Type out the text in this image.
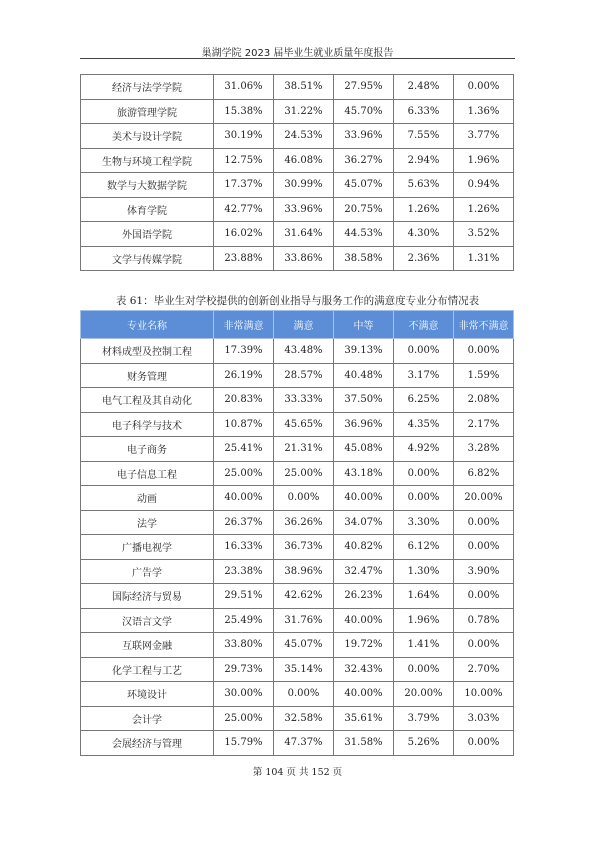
巢湖学院 2023 届毕业生就业质量年度报告
经济与法学学院	31.06%	38.51%	27.95%	2.48%	0.00%
旅游管理学院	15.38%	31.22%	45.70%	6.33%	1.36%
美术与设计学院	30.19%	24.53%	33.96%	7.55%	3.77%
生物与环境工程学院	12.75%	46.08%	36.27%	2.94%	1.96%
数学与大数据学院	17.37%	30.99%	45.07%	5.63%	0.94%
体育学院	42.77%	33.96%	20.75%	1.26%	1.26%
外国语学院	16.02%	31.64%	44.53%	4.30%	3.52%
文学与传媒学院	23.88%	33.86%	38.58%	2.36%	1.31%
表 61：毕业生对学校提供的创新创业指导与服务工作的满意度专业分布情况表
专业名称	非常满意	满意	中等	不满意	非常不满意
材料成型及控制工程	17.39%	43.48%	39.13%	0.00%	0.00%
财务管理	26.19%	28.57%	40.48%	3.17%	1.59%
电气工程及其自动化	20.83%	33.33%	37.50%	6.25%	2.08%
电子科学与技术	10.87%	45.65%	36.96%	4.35%	2.17%
电子商务	25.41%	21.31%	45.08%	4.92%	3.28%
电子信息工程	25.00%	25.00%	43.18%	0.00%	6.82%
动画	40.00%	0.00%	40.00%	0.00%	20.00%
法学	26.37%	36.26%	34.07%	3.30%	0.00%
广播电视学	16.33%	36.73%	40.82%	6.12%	0.00%
广告学	23.38%	38.96%	32.47%	1.30%	3.90%
国际经济与贸易	29.51%	42.62%	26.23%	1.64%	0.00%
汉语言文学	25.49%	31.76%	40.00%	1.96%	0.78%
互联网金融	33.80%	45.07%	19.72%	1.41%	0.00%
化学工程与工艺	29.73%	35.14%	32.43%	0.00%	2.70%
环境设计	30.00%	0.00%	40.00%	20.00%	10.00%
会计学	25.00%	32.58%	35.61%	3.79%	3.03%
会展经济与管理	15.79%	47.37%	31.58%	5.26%	0.00%
第 104 页 共 152 页
